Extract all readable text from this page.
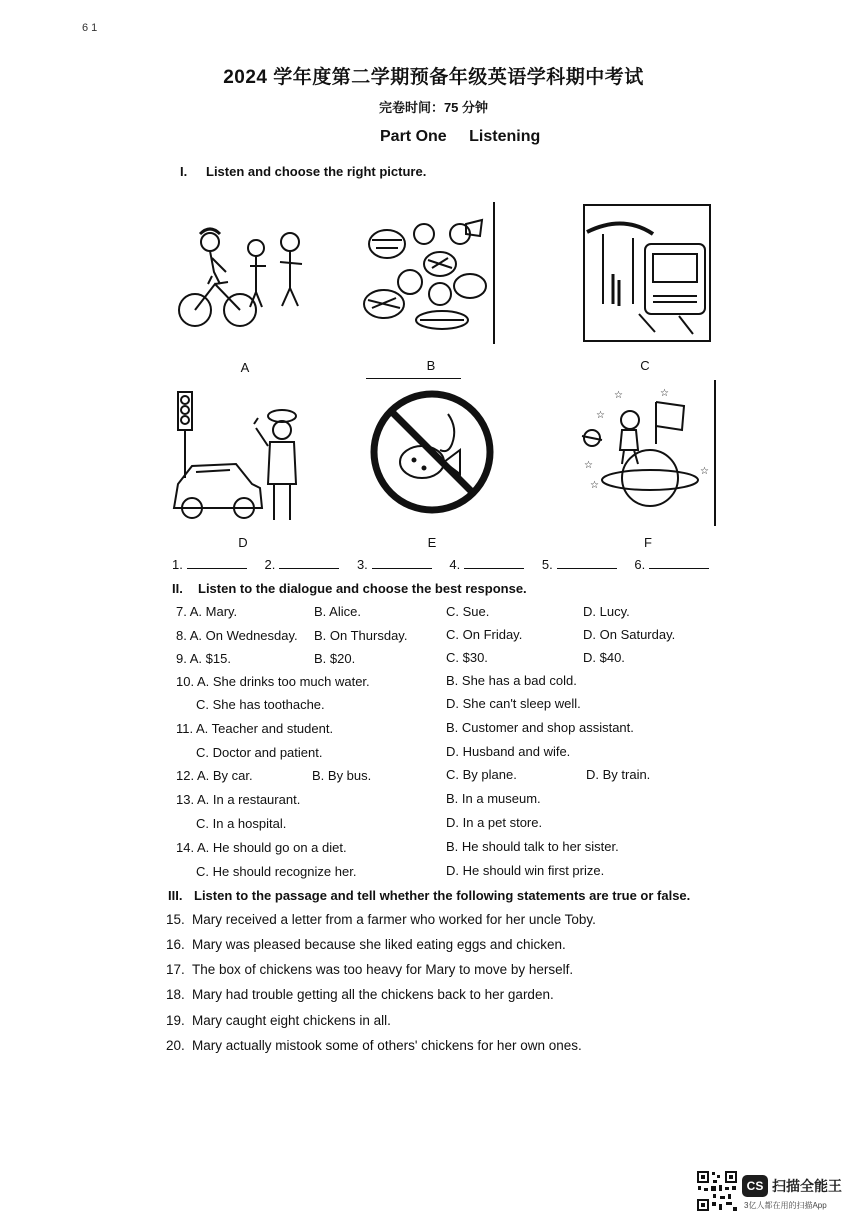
6 1
2024 学年度第二学期预备年级英语学科期中考试
完卷时间：75 分钟
Part One Listening
I. Listen and choose the right picture.
A	B	C
D	E
☆	☆
☆
☆
☆
☆
F
1.	2.	3.	4.	5.	6.
II. Listen to the dialogue and choose the best response.
7. A. Mary.	B. Alice.	C. Sue.	D. Lucy.
8. A. On Wednesday. B. On Thursday.	C. On Friday.	D. On Saturday.
9. A. $15.	B. $20.	C. $30.	D. $40.
10. A. She drinks too much water.	B. She has a bad cold.
C. She has toothache.	D. She can't sleep well.
11. A. Teacher and student.	B. Customer and shop assistant.
C. Doctor and patient.	D. Husband and wife.
12. A. By car.	B. By bus.	C. By plane.	D. By train.
13. A. In a restaurant.	B. In a museum.
C. In a hospital.	D. In a pet store.
14. A. He should go on a diet.	B. He should talk to her sister.
C. He should recognize her.	D. He should win first prize.
III. Listen to the passage and tell whether the following statements are true or false.
15. Mary received a letter from a farmer who worked for her uncle Toby.
16. Mary was pleased because she liked eating eggs and chicken.
17. The box of chickens was too heavy for Mary to move by herself.
18. Mary had trouble getting all the chickens back to her garden.
19. Mary caught eight chickens in all.
20. Mary actually mistook some of others' chickens for her own ones.
CS 扫描全能王
3亿人都在用的扫描App
